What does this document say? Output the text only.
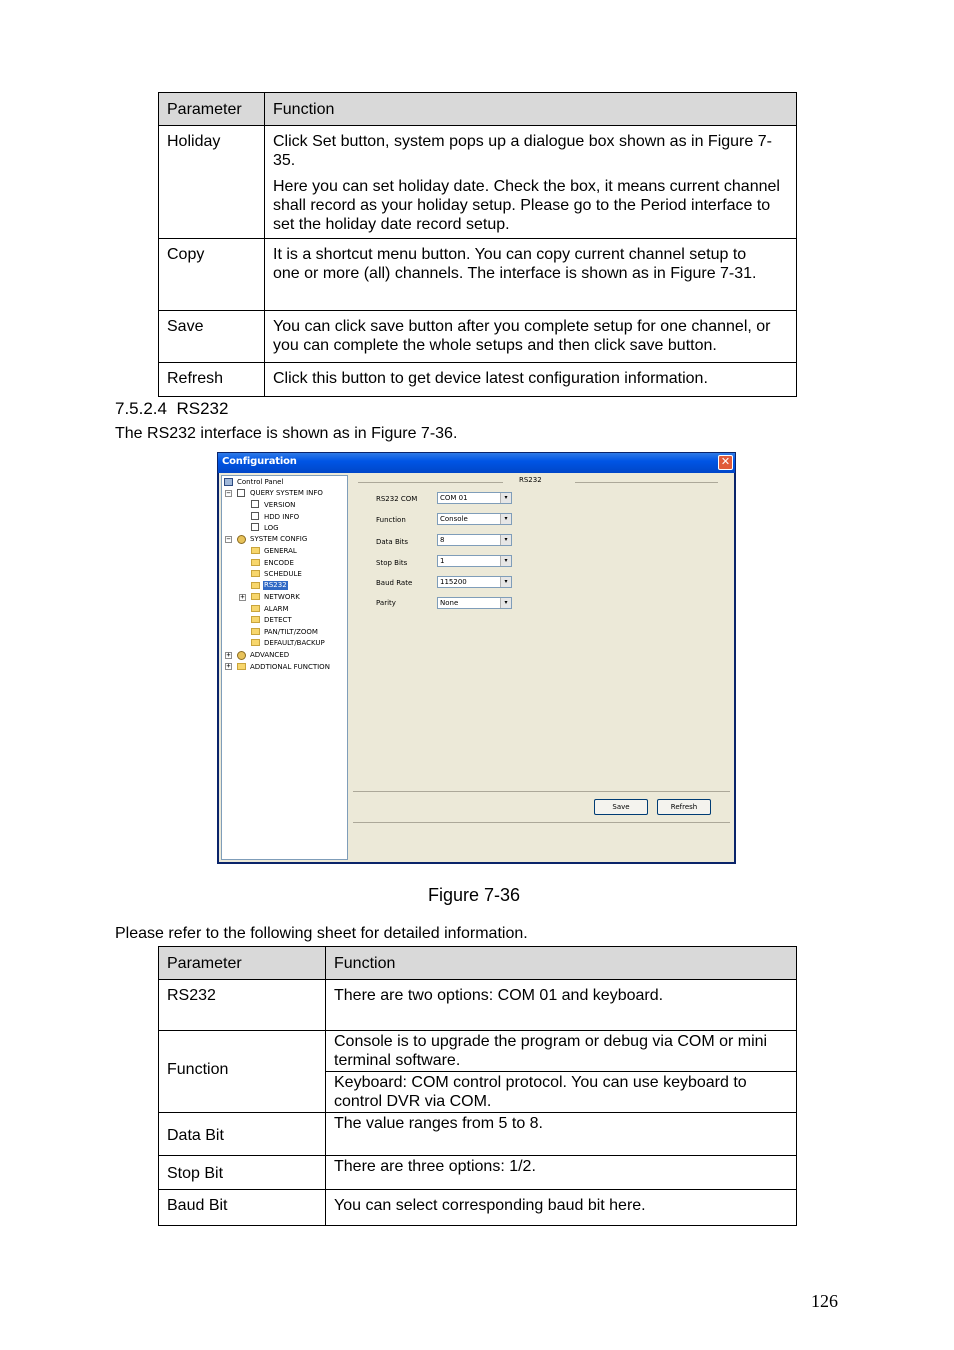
Parameter	Function
Holiday	Click Set button, system pops up a dialogue box shown as in Figure 7-35.

Here you can set holiday date. Check the box, it means current channel
shall record as your holiday setup. Please go to the Period interface to
set the holiday date record setup.

Copy	It is a shortcut menu button. You can copy current channel setup to one or more (all) channels. The interface is shown as in Figure 7-31.

Save	You can click save button after you complete setup for one channel, or you can complete the whole setups and then click save button.

Refresh	Click this button to get device latest configuration information.

7.5.2.4 RS232
The RS232 interface is shown as in Figure 7-36.
Configuration	✕
Control Panel
−	QUERY SYSTEM INFO
VERSION
HDD INFO
LOG
−	SYSTEM CONFIG
GENERAL
ENCODE
SCHEDULE
RS232
+	NETWORK
ALARM
DETECT
PAN/TILT/ZOOM
DEFAULT/BACKUP
+	ADVANCED
+	ADDTIONAL FUNCTION
RS232
RS232 COM	COM 01	▾
Function	Console	▾
Data Bits	8	▾
Stop Bits	1	▾
Baud Rate	115200	▾
Parity	None	▾
Save	Refresh
Figure 7-36
Please refer to the following sheet for detailed information.
Parameter	Function
RS232	There are two options: COM 01 and keyboard.

Function	Console is to upgrade the program or debug via COM or mini terminal software.

	Keyboard: COM control protocol. You can use keyboard to control DVR via COM.

Data Bit	The value ranges from 5 to 8.

Stop Bit	There are three options: 1/2.

Baud Bit	You can select corresponding baud bit here.

126
